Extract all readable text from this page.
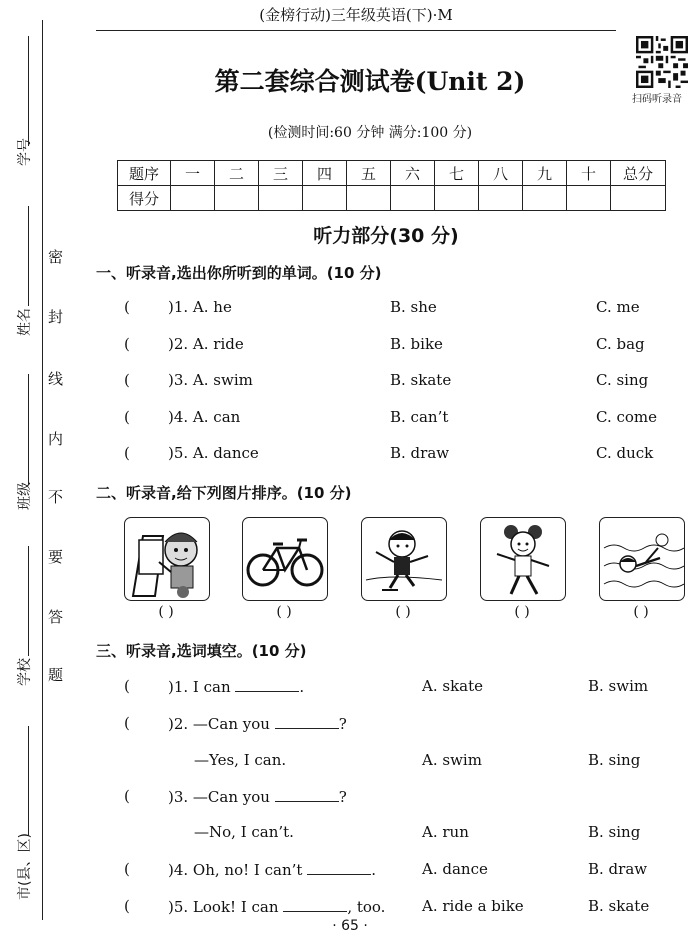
学号
姓名
班级
学校
市(县、区)
密
封
线
内
不
要
答
题
(金榜行动)三年级英语(下)·M
扫码听录音
第二套综合测试卷(Unit 2)
(检测时间:60 分钟 满分:100 分)
题序	一	二	三	四	五	六	七	八	九	十	总分
得分											
听力部分(30 分)
一、听录音,选出你所听到的单词。(10 分)
(	)1. A. he	B. she	C. me
(	)2. A. ride	B. bike	C. bag
(	)3. A. swim	B. skate	C. sing
(	)4. A. can	B. can’t	C. come
(	)5. A. dance	B. draw	C. duck
二、听录音,给下列图片排序。(10 分)
( )	( )	( )	( )	( )
三、听录音,选词填空。(10 分)
(	)1. I can	.	A. skate	B. swim
(	)2. —Can you	?
—Yes, I can.	A. swim	B. sing
(	)3. —Can you	?
—No, I can’t.	A. run	B. sing
(	)4. Oh, no! I can’t	.	A. dance	B. draw
(	)5. Look! I can	, too. A. ride a bike	B. skate
· 65 ·
